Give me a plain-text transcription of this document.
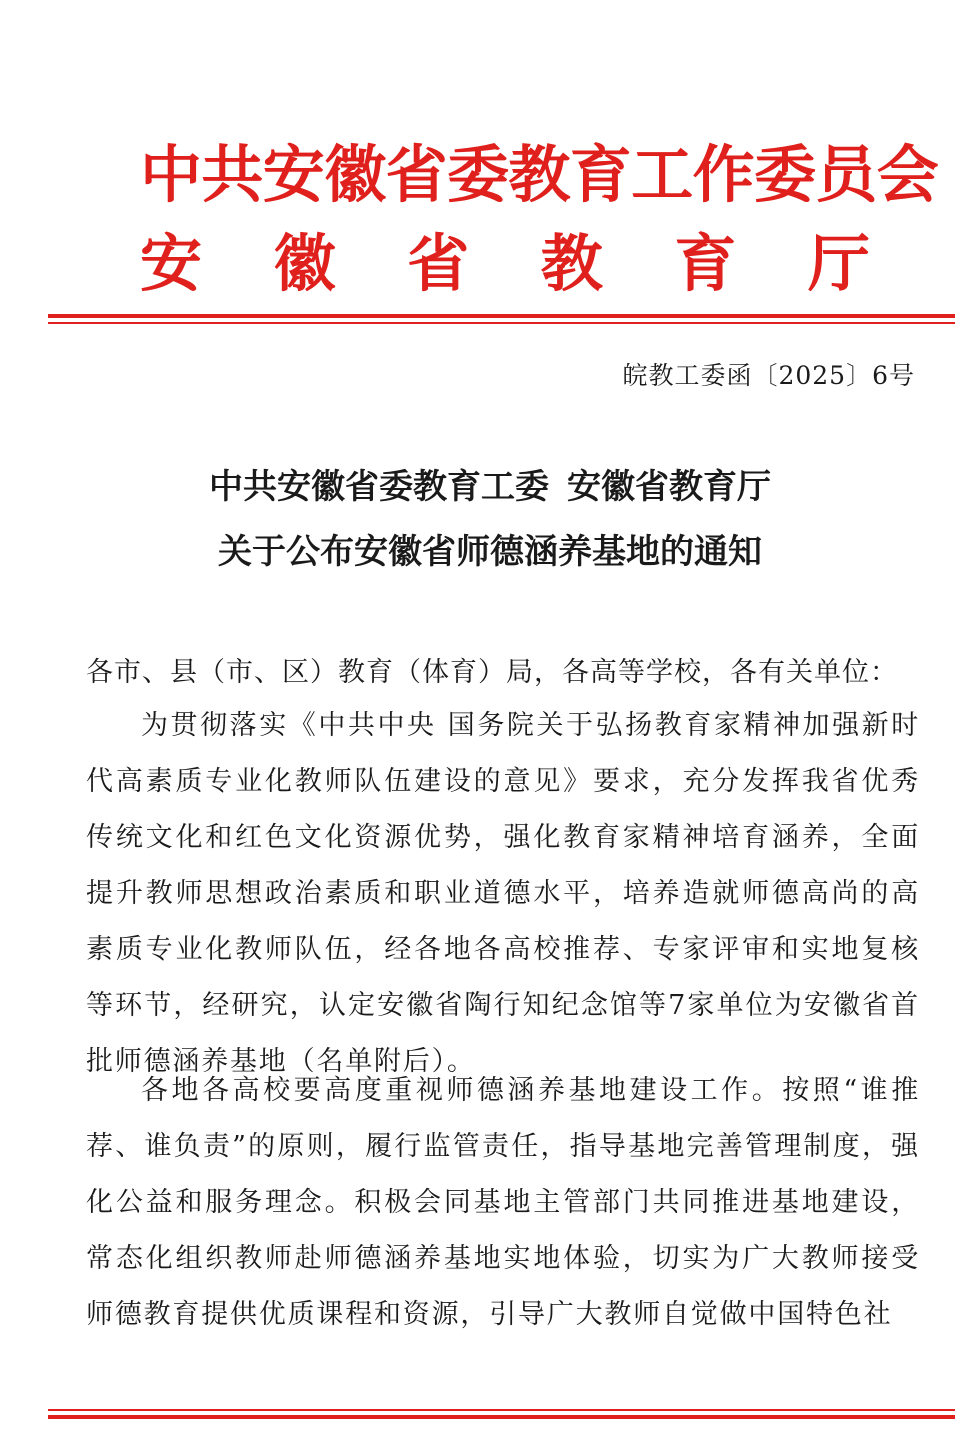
中共安徽省委教育工作委员会
安 徽 省 教 育 厅
皖教工委函〔2025〕6号
中共安徽省委教育工委 安徽省教育厅
关于公布安徽省师德涵养基地的通知
各市、县（市、区）教育（体育）局，各高等学校，各有关单位：
为贯彻落实《中共中央 国务院关于弘扬教育家精神加强新时代高素质专业化教师队伍建设的意见》要求，充分发挥我省优秀传统文化和红色文化资源优势，强化教育家精神培育涵养，全面提升教师思想政治素质和职业道德水平，培养造就师德高尚的高素质专业化教师队伍，经各地各高校推荐、专家评审和实地复核等环节，经研究，认定安徽省陶行知纪念馆等7家单位为安徽省首批师德涵养基地（名单附后）。
各地各高校要高度重视师德涵养基地建设工作。按照“谁推荐、谁负责”的原则，履行监管责任，指导基地完善管理制度，强化公益和服务理念。积极会同基地主管部门共同推进基地建设，常态化组织教师赴师德涵养基地实地体验，切实为广大教师接受师德教育提供优质课程和资源，引导广大教师自觉做中国特色社
